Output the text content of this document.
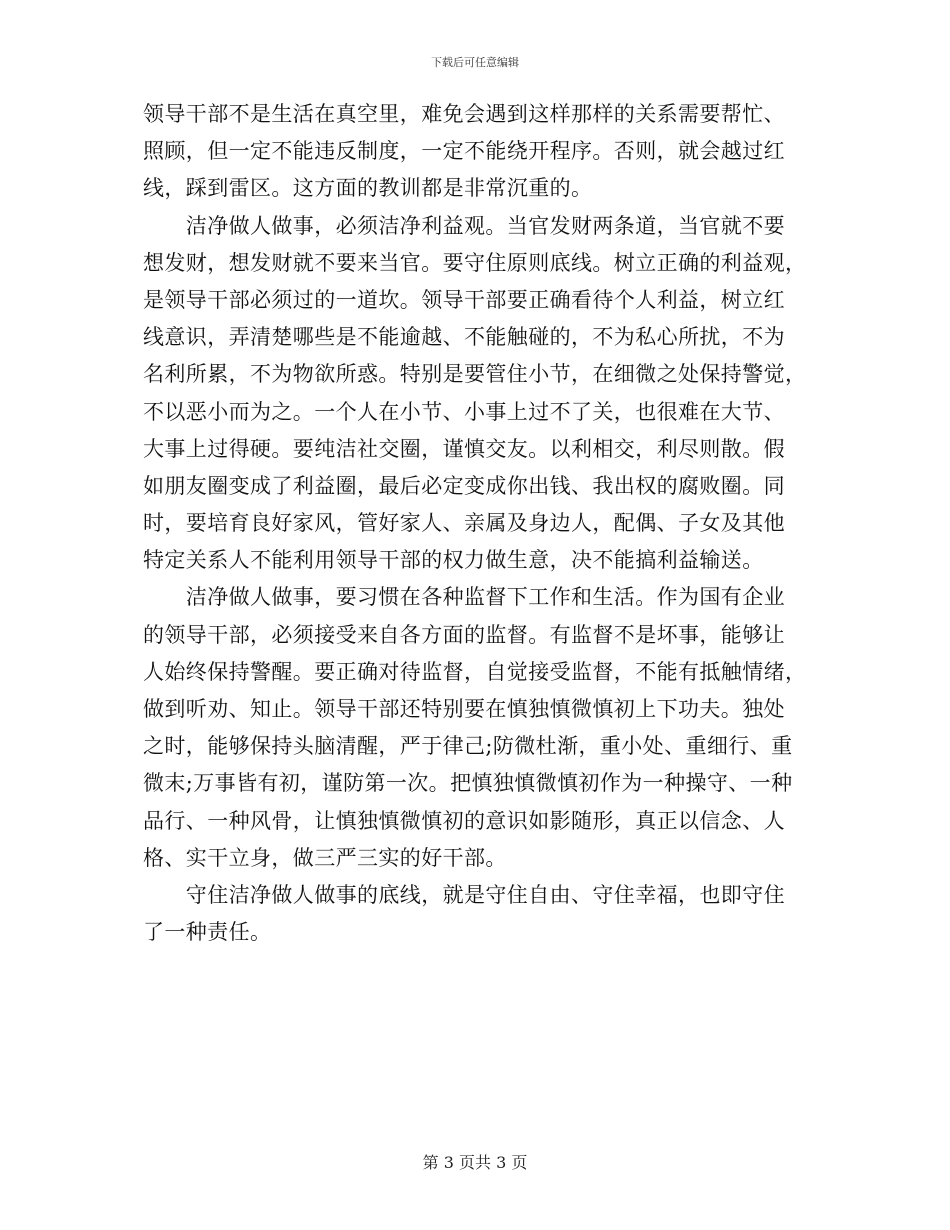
下载后可任意编辑
领导干部不是生活在真空里，难免会遇到这样那样的关系需要帮忙、
照顾，但一定不能违反制度，一定不能绕开程序。否则，就会越过红
线，踩到雷区。这方面的教训都是非常沉重的。
　　洁净做人做事，必须洁净利益观。当官发财两条道，当官就不要
想发财，想发财就不要来当官。要守住原则底线。树立正确的利益观，
是领导干部必须过的一道坎。领导干部要正确看待个人利益，树立红
线意识，弄清楚哪些是不能逾越、不能触碰的，不为私心所扰，不为
名利所累，不为物欲所惑。特别是要管住小节，在细微之处保持警觉，
不以恶小而为之。一个人在小节、小事上过不了关，也很难在大节、
大事上过得硬。要纯洁社交圈，谨慎交友。以利相交，利尽则散。假
如朋友圈变成了利益圈，最后必定变成你出钱、我出权的腐败圈。同
时，要培育良好家风，管好家人、亲属及身边人，配偶、子女及其他
特定关系人不能利用领导干部的权力做生意，决不能搞利益输送。
　　洁净做人做事，要习惯在各种监督下工作和生活。作为国有企业
的领导干部，必须接受来自各方面的监督。有监督不是坏事，能够让
人始终保持警醒。要正确对待监督，自觉接受监督，不能有抵触情绪，
做到听劝、知止。领导干部还特别要在慎独慎微慎初上下功夫。独处
之时，能够保持头脑清醒，严于律己;防微杜渐，重小处、重细行、重
微末;万事皆有初，谨防第一次。把慎独慎微慎初作为一种操守、一种
品行、一种风骨，让慎独慎微慎初的意识如影随形，真正以信念、人
格、实干立身，做三严三实的好干部。
　　守住洁净做人做事的底线，就是守住自由、守住幸福，也即守住
了一种责任。
第 3 页共 3 页
